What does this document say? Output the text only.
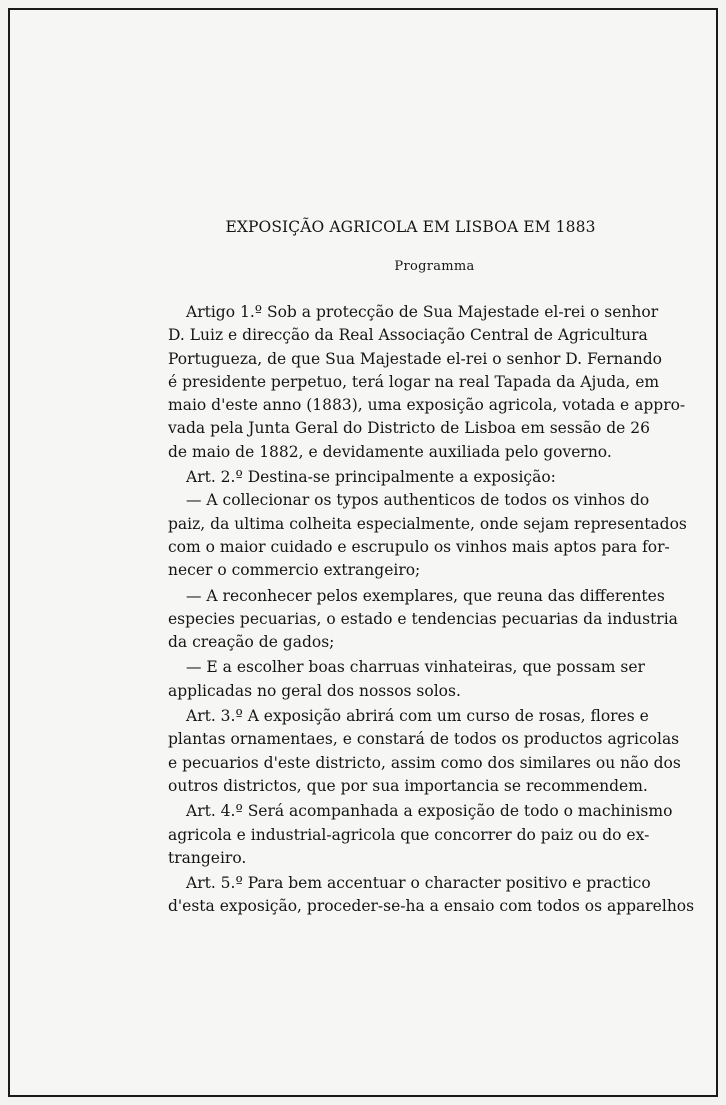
EXPOSIÇÃO AGRICOLA EM LISBOA EM 1883
Programma
Artigo 1.º Sob a protecção de Sua Majestade el-rei o senhor
D. Luiz e direcção da Real Associação Central de Agricultura
Portugueza, de que Sua Majestade el-rei o senhor D. Fernando
é presidente perpetuo, terá logar na real Tapada da Ajuda, em
maio d'este anno (1883), uma exposição agricola, votada e appro-
vada pela Junta Geral do Districto de Lisboa em sessão de 26
de maio de 1882, e devidamente auxiliada pelo governo.
Art. 2.º Destina-se principalmente a exposição:
— A collecionar os typos authenticos de todos os vinhos do
paiz, da ultima colheita especialmente, onde sejam representados
com o maior cuidado e escrupulo os vinhos mais aptos para for-
necer o commercio extrangeiro;
— A reconhecer pelos exemplares, que reuna das differentes
especies pecuarias, o estado e tendencias pecuarias da industria
da creação de gados;
— E a escolher boas charruas vinhateiras, que possam ser
applicadas no geral dos nossos solos.
Art. 3.º A exposição abrirá com um curso de rosas, flores e
plantas ornamentaes, e constará de todos os productos agricolas
e pecuarios d'este districto, assim como dos similares ou não dos
outros districtos, que por sua importancia se recommendem.
Art. 4.º Será acompanhada a exposição de todo o machinismo
agricola e industrial-agricola que concorrer do paiz ou do ex-
trangeiro.
Art. 5.º Para bem accentuar o character positivo e practico
d'esta exposição, proceder-se-ha a ensaio com todos os apparelhos
